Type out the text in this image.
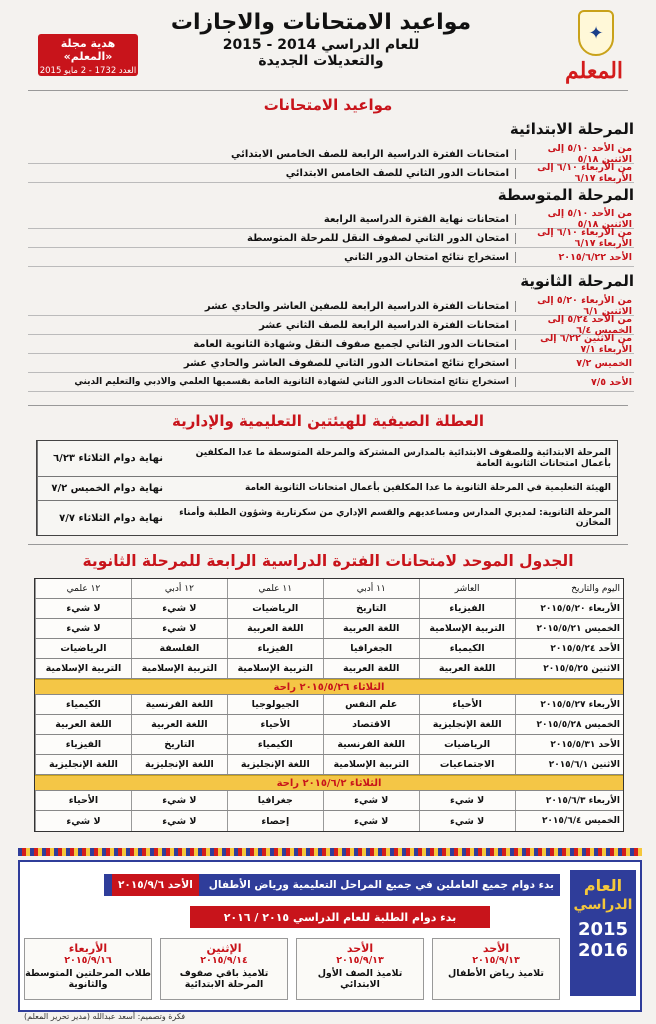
✦
المعلم
مواعيد الامتحانات والاجازات
للعام الدراسي 2014 - 2015
والتعديلات الجديدة
هدية مجلة «المعلم»
العدد 1732 - 2 مايو 2015
مواعيد الامتحانات
المرحلة الابتدائية
من الأحد ٥/١٠ إلى الاثنين ٥/١٨
امتحانات الفترة الدراسية الرابعة للصف الخامس الابتدائي
من الأربعاء ٦/١٠ إلى الأربعاء ٦/١٧
امتحانات الدور الثاني للصف الخامس الابتدائي
المرحلة المتوسطة
من الأحد ٥/١٠ إلى الاثنين ٥/١٨
امتحانات نهاية الفترة الدراسية الرابعة
من الأربعاء ٦/١٠ إلى الأربعاء ٦/١٧
امتحان الدور الثاني لصفوف النقل للمرحلة المتوسطة
الأحد ٢٠١٥/٦/٢٢
استخراج نتائج امتحان الدور الثاني
المرحلة الثانوية
من الأربعاء ٥/٢٠ إلى الاثنين ٦/١
امتحانات الفترة الدراسية الرابعة للصفين العاشر والحادي عشر
من الأحد ٥/٢٤ إلى الخميس ٦/٤
امتحانات الفترة الدراسية الرابعة للصف الثاني عشر
من الاثنين ٦/٢٢ إلى الأربعاء ٧/١
امتحانات الدور الثاني لجميع صفوف النقل وشهادة الثانوية العامة
الخميس ٧/٢
استخراج نتائج امتحانات الدور الثاني للصفوف العاشر والحادي عشر
الأحد ٧/٥
استخراج نتائج امتحانات الدور الثاني لشهادة الثانوية العامة بقسميها العلمي والأدبي والتعليم الديني
العطلة الصيفية للهيئتين التعليمية والإدارية
المرحلة الابتدائية وللصفوف الابتدائية بالمدارس المشتركة والمرحلة المتوسطة ما عدا المكلفين بأعمال امتحانات الثانوية العامة
نهاية دوام الثلاثاء ٦/٢٣
الهيئة التعليمية في المرحلة الثانوية ما عدا المكلفين بأعمال امتحانات الثانوية العامة
نهاية دوام الخميس ٧/٢
المرحلة الثانوية: لمديري المدارس ومساعديهم والقسم الإداري من سكرتارية وشؤون الطلبة وأمناء المخازن
نهاية دوام الثلاثاء ٧/٧
الجدول الموحد لامتحانات الفترة الدراسية الرابعة للمرحلة الثانوية
اليوم والتاريخ
العاشر
١١ أدبي
١١ علمي
١٢ أدبي
١٢ علمي
الأربعاء ٢٠١٥/٥/٢٠
الفيزياء
التاريخ
الرياضيات
لا شيء
لا شيء
الخميس ٢٠١٥/٥/٢١
التربية الإسلامية
اللغة العربية
اللغة العربية
لا شيء
لا شيء
الأحد ٢٠١٥/٥/٢٤
الكيمياء
الجغرافيا
الفيزياء
الفلسفة
الرياضيات
الاثنين ٢٠١٥/٥/٢٥
اللغة العربية
اللغة العربية
التربية الإسلامية
التربية الإسلامية
التربية الإسلامية
الثلاثاء ٢٠١٥/٥/٢٦ راحة
الأربعاء ٢٠١٥/٥/٢٧
الأحياء
علم النفس
الجيولوجيا
اللغة الفرنسية
الكيمياء
الخميس ٢٠١٥/٥/٢٨
اللغة الإنجليزية
الاقتصاد
الأحياء
اللغة العربية
اللغة العربية
الأحد ٢٠١٥/٥/٣١
الرياضيات
اللغة الفرنسية
الكيمياء
التاريخ
الفيزياء
الاثنين ٢٠١٥/٦/١
الاجتماعيات
التربية الإسلامية
اللغة الإنجليزية
اللغة الإنجليزية
اللغة الإنجليزية
الثلاثاء ٢٠١٥/٦/٢ راحة
الأربعاء ٢٠١٥/٦/٣
لا شيء
لا شيء
جغرافيا
لا شيء
الأحياء
الخميس ٢٠١٥/٦/٤
لا شيء
لا شيء
إحصاء
لا شيء
لا شيء
العام
الدراسي
2015
2016
بدء دوام جميع العاملين في جميع المراحل التعليمية ورياض الأطفال
الأحد ٢٠١٥/٩/٦
بدء دوام الطلبة للعام الدراسي ٢٠١٥ / ٢٠١٦
الأحد
٢٠١٥/٩/١٣
تلاميذ رياض الأطفال
الأحد
٢٠١٥/٩/١٣
تلاميذ الصف الأول الابتدائي
الإثنين
٢٠١٥/٩/١٤
تلاميذ باقي صفوف المرحلة الابتدائية
الأربعاء
٢٠١٥/٩/١٦
طلاب المرحلتين المتوسطة والثانوية
فكرة وتصميم: أسعد عبدالله (مدير تحرير المعلم)
